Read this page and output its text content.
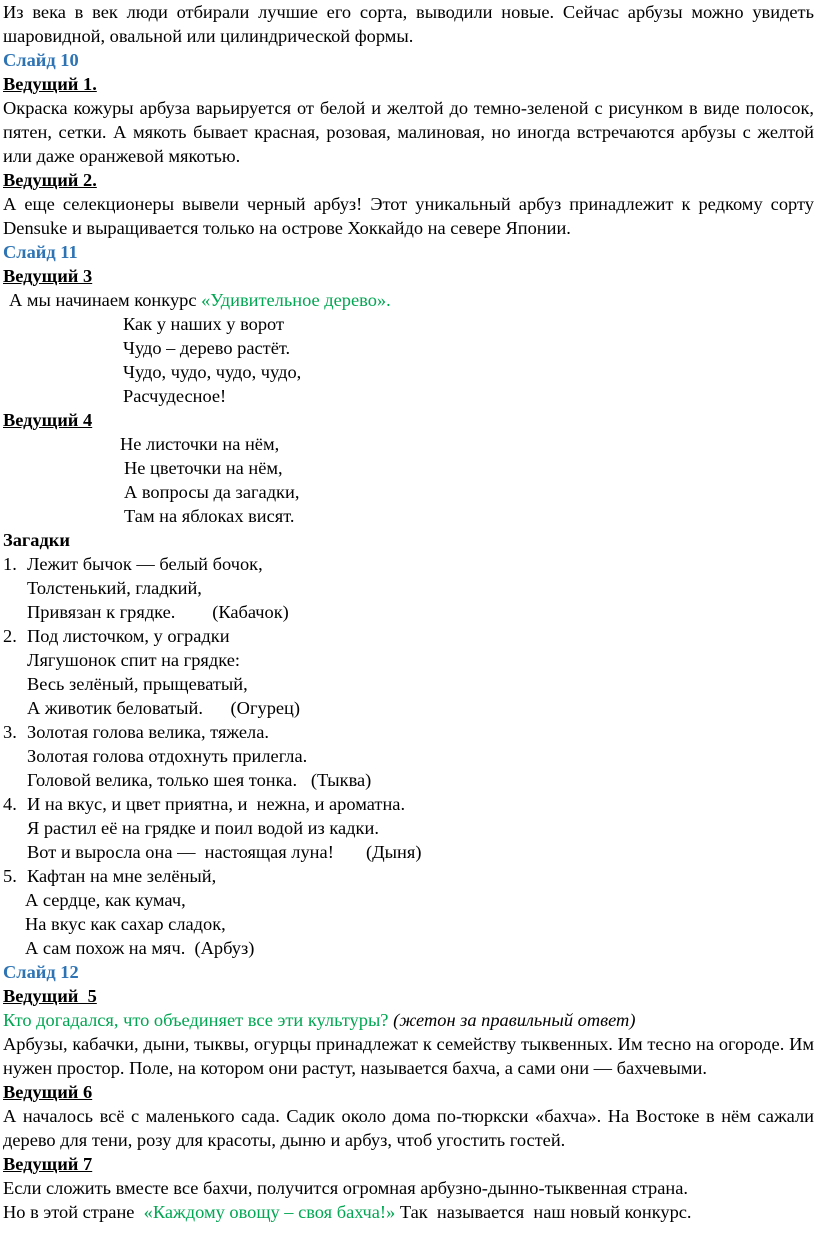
Из века в век люди отбирали лучшие его сорта, выводили новые. Сейчас арбузы можно увидеть шаровидной, овальной или цилиндрической формы.

Слайд 10

Ведущий 1.

Окраска кожуры арбуза варьируется от белой и желтой до темно-зеленой с рисунком в виде полосок, пятен, сетки. А мякоть бывает красная, розовая, малиновая, но иногда встречаются арбузы с желтой или даже оранжевой мякотью.

Ведущий 2.

А еще селекционеры вывели черный арбуз! Этот уникальный арбуз принадлежит к редкому сорту Densuke и выращивается только на острове Хоккайдо на севере Японии.

Слайд 11

Ведущий 3

А мы начинаем конкурс «Удивительное дерево».

Как у наших у ворот

Чудо – дерево растёт.

Чудо, чудо, чудо, чудо,

Расчудесное!

Ведущий 4

Не листочки на нём,

Не цветочки на нём,

А вопросы да загадки,

Там на яблоках висят.

Загадки

1. Лежит бычок — белый бочок,

Толстенький, гладкий,

Привязан к грядке.        (Кабачок)

2. Под листочком, у оградки

Лягушонок спит на грядке:

Весь зелёный, прыщеватый,

А животик беловатый.      (Огурец)

3. Золотая голова велика, тяжела.

Золотая голова отдохнуть прилегла.

Головой велика, только шея тонка.   (Тыква)

4. И на вкус, и цвет приятна, и  нежна, и ароматна.

Я растил её на грядке и поил водой из кадки.

Вот и выросла она —  настоящая луна!       (Дыня)

5. Кафтан на мне зелёный,

А сердце, как кумач,

На вкус как сахар сладок,

А сам похож на мяч.  (Арбуз)

Слайд 12

Ведущий  5

Кто догадался, что объединяет все эти культуры? (жетон за правильный ответ)

Арбузы, кабачки, дыни, тыквы, огурцы принадлежат к семейству тыквенных. Им тесно на огороде. Им нужен простор. Поле, на котором они растут, называется бахча, а сами они — бахчевыми.

Ведущий 6

А началось всё с маленького сада. Садик около дома по-тюркски «бахча». На Востоке в нём сажали дерево для тени, розу для красоты, дыню и арбуз, чтоб угостить гостей.

Ведущий 7

Если сложить вместе все бахчи, получится огромная арбузно-дынно-тыквенная страна.

Но в этой стране  «Каждому овощу – своя бахча!» Так  называется  наш новый конкурс.
